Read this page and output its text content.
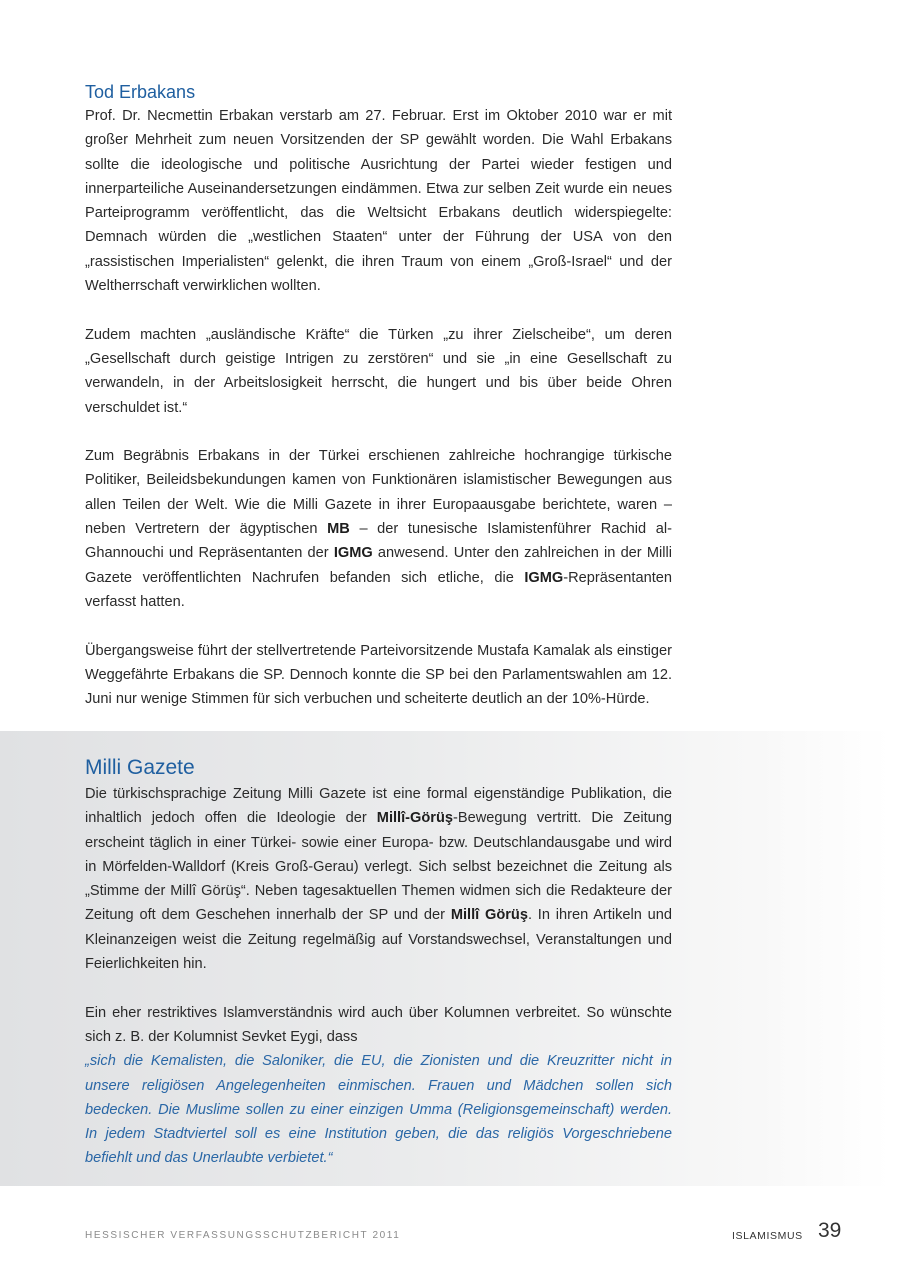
Tod Erbakans

Prof. Dr. Necmettin Erbakan verstarb am 27. Februar. Erst im Oktober 2010 war er mit großer Mehrheit zum neuen Vorsitzenden der SP gewählt worden. Die Wahl Erbakans sollte die ideologische und politische Ausrichtung der Partei wieder festigen und innerparteiliche Auseinandersetzungen eindämmen. Etwa zur selben Zeit wurde ein neues Parteiprogramm veröffentlicht, das die Weltsicht Erbakans deutlich widerspiegelte: Demnach würden die „westlichen Staaten“ unter der Führung der USA von den „rassistischen Imperialisten“ gelenkt, die ihren Traum von einem „Groß-Israel“ und der Weltherrschaft verwirklichen wollten.

Zudem machten „ausländische Kräfte“ die Türken „zu ihrer Zielscheibe“, um deren „Gesellschaft durch geistige Intrigen zu zerstören“ und sie „in eine Gesellschaft zu verwandeln, in der Arbeitslosigkeit herrscht, die hungert und bis über beide Ohren verschuldet ist.“

Zum Begräbnis Erbakans in der Türkei erschienen zahlreiche hochrangige türkische Politiker, Beileidsbekundungen kamen von Funktionären islamistischer Bewegungen aus allen Teilen der Welt. Wie die Milli Gazete in ihrer Europaausgabe berichtete, waren – neben Vertretern der ägyptischen MB – der tunesische Islamistenführer Rachid al-Ghannouchi und Repräsentanten der IGMG anwesend. Unter den zahlreichen in der Milli Gazete veröffentlichten Nachrufen befanden sich etliche, die IGMG-Repräsentanten verfasst hatten.

Übergangsweise führt der stellvertretende Parteivorsitzende Mustafa Kamalak als einstiger Weggefährte Erbakans die SP. Dennoch konnte die SP bei den Parlamentswahlen am 12. Juni nur wenige Stimmen für sich verbuchen und scheiterte deutlich an der 10%-Hürde.

Milli Gazete

Die türkischsprachige Zeitung Milli Gazete ist eine formal eigenständige Publikation, die inhaltlich jedoch offen die Ideologie der Millî-Görüş-Bewegung vertritt. Die Zeitung erscheint täglich in einer Türkei- sowie einer Europa- bzw. Deutschlandausgabe und wird in Mörfelden-Walldorf (Kreis Groß-Gerau) verlegt. Sich selbst bezeichnet die Zeitung als „Stimme der Millî Görüş“. Neben tagesaktuellen Themen widmen sich die Redakteure der Zeitung oft dem Geschehen innerhalb der SP und der Millî Görüş. In ihren Artikeln und Kleinanzeigen weist die Zeitung regelmäßig auf Vorstandswechsel, Veranstaltungen und Feierlichkeiten hin.

Ein eher restriktives Islamverständnis wird auch über Kolumnen verbreitet. So wünschte sich z. B. der Kolumnist Sevket Eygi, dass

„sich die Kemalisten, die Saloniker, die EU, die Zionisten und die Kreuzritter nicht in unsere religiösen Angelegenheiten einmischen. Frauen und Mädchen sollen sich bedecken. Die Muslime sollen zu einer einzigen Umma (Religionsgemeinschaft) werden. In jedem Stadtviertel soll es eine Institution geben, die das religiös Vorgeschriebene befiehlt und das Unerlaubte verbietet.“

HESSISCHER VERFASSUNGSSCHUTZBERICHT 2011	ISLAMISMUS 39
